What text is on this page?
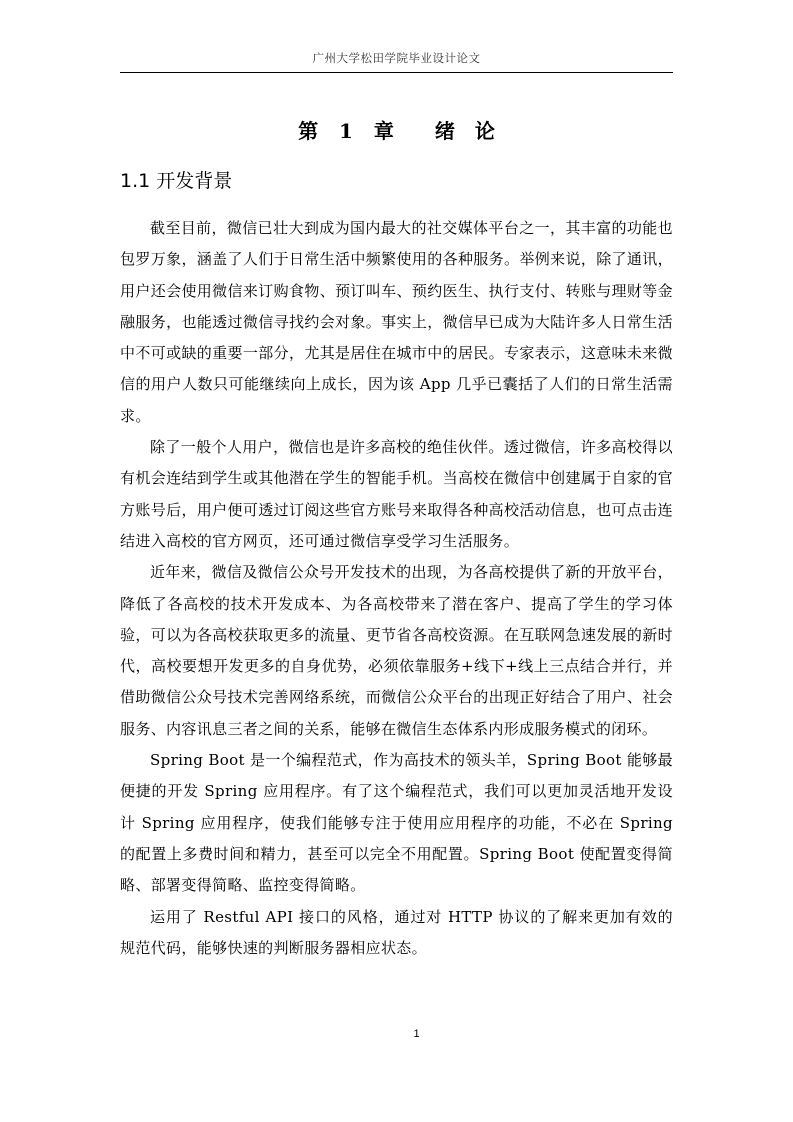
广州大学松田学院毕业设计论文
第 1 章　 绪　论
1.1 开发背景

截至目前，微信已壮大到成为国内最大的社交媒体平台之一，其丰富的功能也包罗万象，涵盖了人们于日常生活中频繁使用的各种服务。举例来说，除了通讯，用户还会使用微信来订购食物、预订叫车、预约医生、执行支付、转账与理财等金融服务，也能透过微信寻找约会对象。事实上，微信早已成为大陆许多人日常生活中不可或缺的重要一部分，尤其是居住在城市中的居民。专家表示，这意味未来微信的用户人数只可能继续向上成长，因为该 App 几乎已囊括了人们的日常生活需求。

除了一般个人用户，微信也是许多高校的绝佳伙伴。透过微信，许多高校得以有机会连结到学生或其他潜在学生的智能手机。当高校在微信中创建属于自家的官方账号后，用户便可透过订阅这些官方账号来取得各种高校活动信息，也可点击连结进入高校的官方网页，还可通过微信享受学习生活服务。

近年来，微信及微信公众号开发技术的出现，为各高校提供了新的开放平台，降低了各高校的技术开发成本、为各高校带来了潜在客户、提高了学生的学习体验，可以为各高校获取更多的流量、更节省各高校资源。在互联网急速发展的新时代，高校要想开发更多的自身优势，必须依靠服务+线下+线上三点结合并行，并借助微信公众号技术完善网络系统，而微信公众平台的出现正好结合了用户、社会服务、内容讯息三者之间的关系，能够在微信生态体系内形成服务模式的闭环。

Spring Boot 是一个编程范式，作为高技术的领头羊，Spring Boot 能够最便捷的开发 Spring 应用程序。有了这个编程范式，我们可以更加灵活地开发设计 Spring 应用程序，使我们能够专注于使用应用程序的功能，不必在 Spring 的配置上多费时间和精力，甚至可以完全不用配置。Spring Boot 使配置变得简略、部署变得简略、监控变得简略。

运用了 Restful API 接口的风格，通过对 HTTP 协议的了解来更加有效的规范代码，能够快速的判断服务器相应状态。

1
